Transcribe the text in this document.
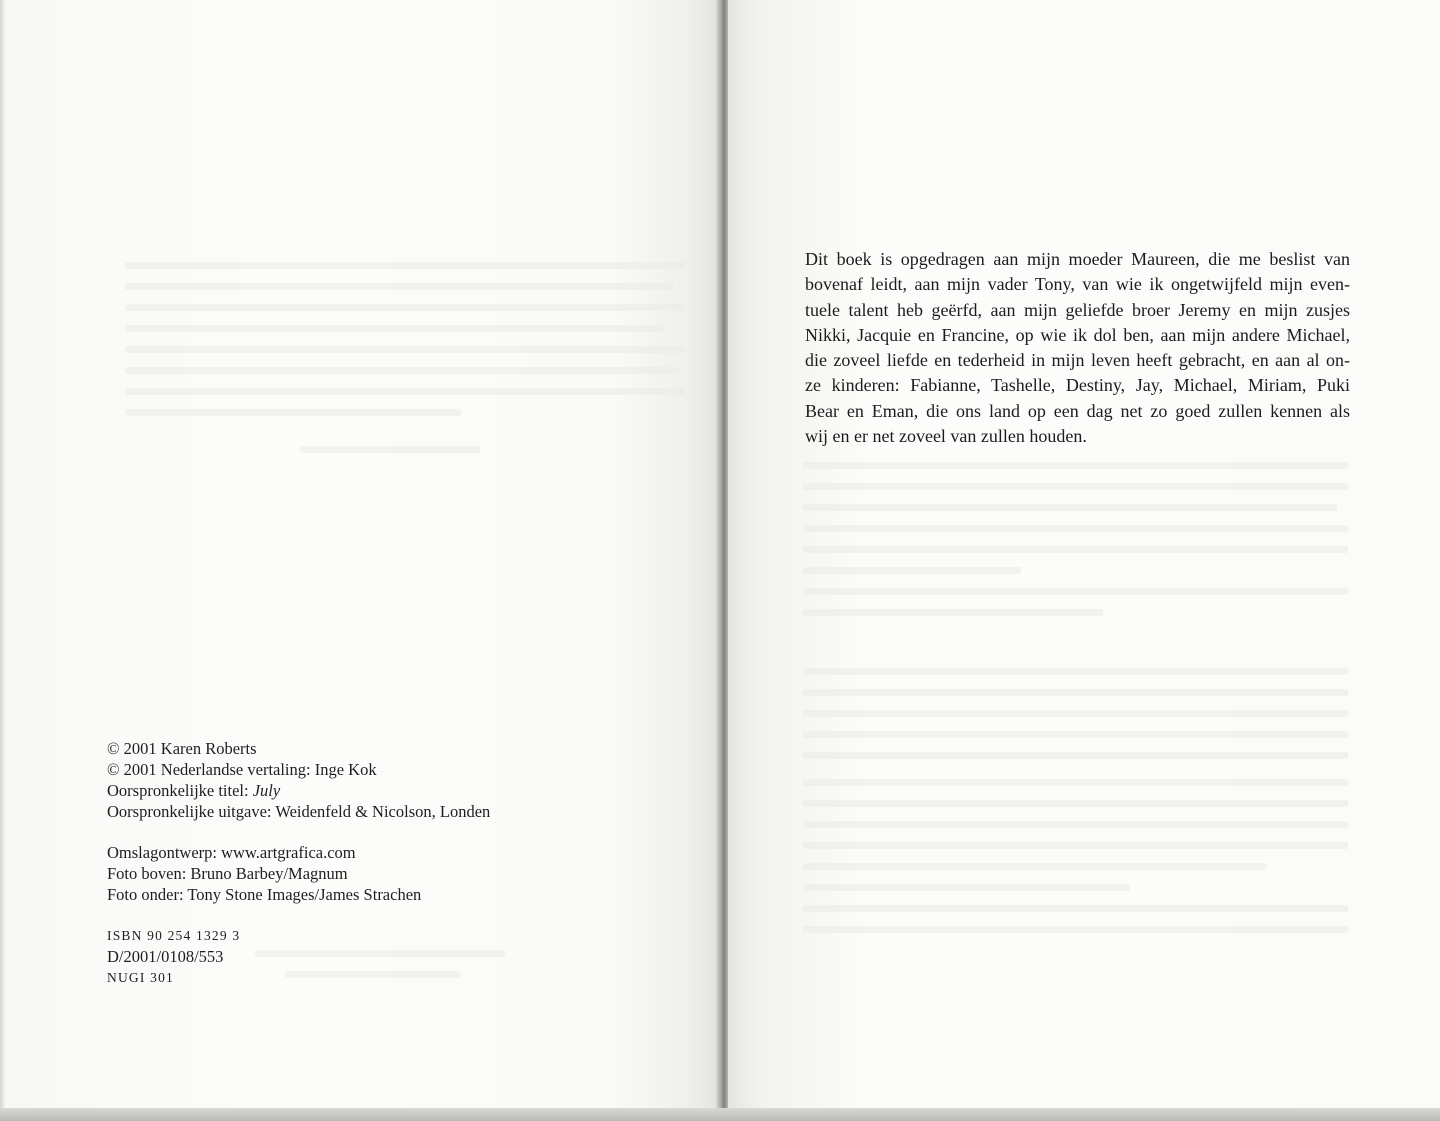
© 2001 Karen Roberts

© 2001 Nederlandse vertaling: Inge Kok

Oorspronkelijke titel: July

Oorspronkelijke uitgave: Weidenfeld & Nicolson, Londen

Omslagontwerp: www.artgrafica.com

Foto boven: Bruno Barbey/Magnum

Foto onder: Tony Stone Images/James Strachen

ISBN 90 254 1329 3

D/2001/0108/553

NUGI 301

Dit boek is opgedragen aan mijn moeder Maureen, die me beslist van
bovenaf leidt, aan mijn vader Tony, van wie ik ongetwijfeld mijn even-
tuele talent heb geërfd, aan mijn geliefde broer Jeremy en mijn zusjes
Nikki, Jacquie en Francine, op wie ik dol ben, aan mijn andere Michael,
die zoveel liefde en tederheid in mijn leven heeft gebracht, en aan al on-
ze kinderen: Fabianne, Tashelle, Destiny, Jay, Michael, Miriam, Puki
Bear en Eman, die ons land op een dag net zo goed zullen kennen als
wij en er net zoveel van zullen houden.
